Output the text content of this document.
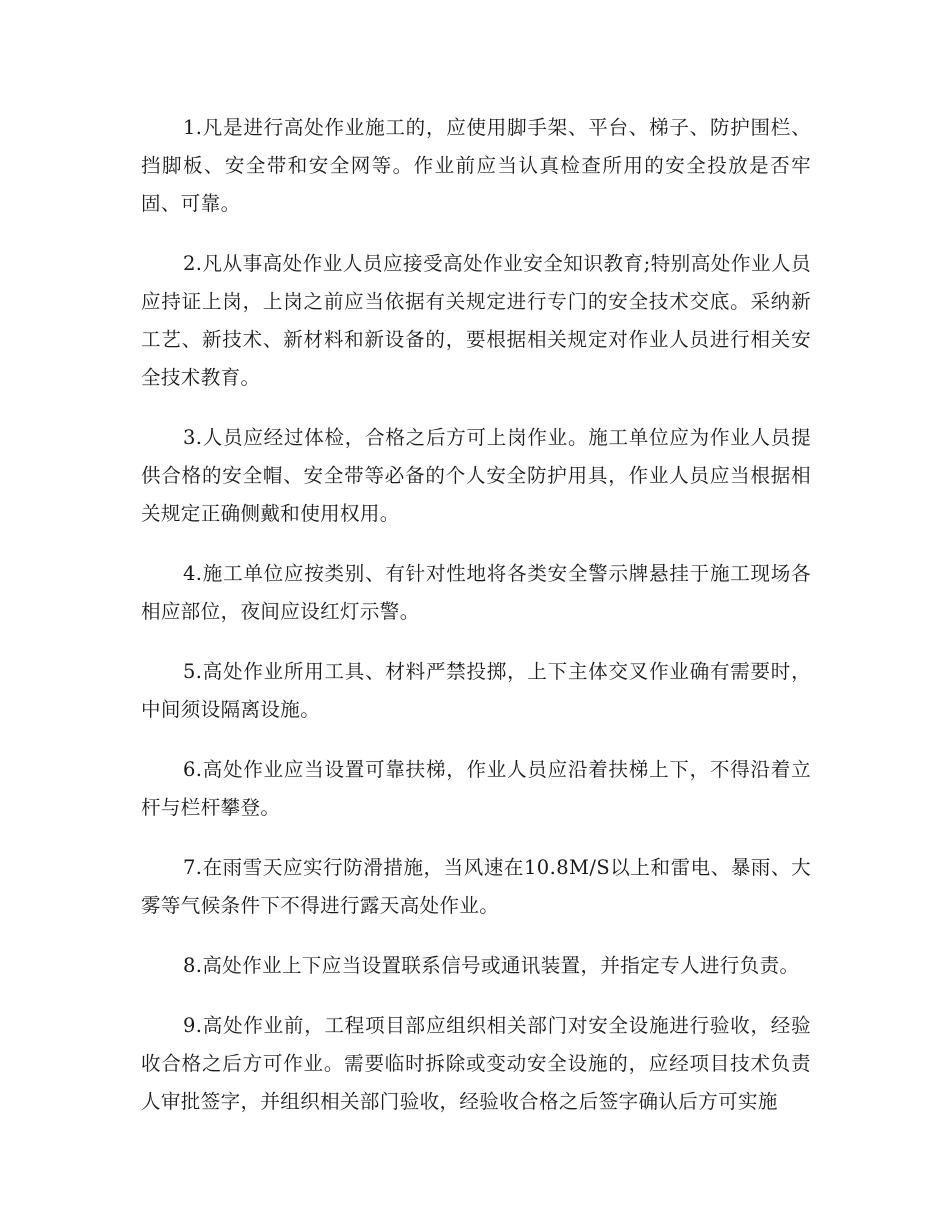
1.凡是进行高处作业施工的，应使用脚手架、平台、梯子、防护围栏、挡脚板、安全带和安全网等。作业前应当认真检查所用的安全投放是否牢固、可靠。

2.凡从事高处作业人员应接受高处作业安全知识教育;特别高处作业人员应持证上岗，上岗之前应当依据有关规定进行专门的安全技术交底。采纳新工艺、新技术、新材料和新设备的，要根据相关规定对作业人员进行相关安全技术教育。

3.人员应经过体检，合格之后方可上岗作业。施工单位应为作业人员提供合格的安全帽、安全带等必备的个人安全防护用具，作业人员应当根据相关规定正确侧戴和使用权用。

4.施工单位应按类别、有针对性地将各类安全警示牌悬挂于施工现场各相应部位，夜间应设红灯示警。

5.高处作业所用工具、材料严禁投掷，上下主体交叉作业确有需要时，中间须设隔离设施。

6.高处作业应当设置可靠扶梯，作业人员应沿着扶梯上下，不得沿着立杆与栏杆攀登。

7.在雨雪天应实行防滑措施，当风速在10.8M/S以上和雷电、暴雨、大雾等气候条件下不得进行露天高处作业。

8.高处作业上下应当设置联系信号或通讯装置，并指定专人进行负责。

9.高处作业前，工程项目部应组织相关部门对安全设施进行验收，经验收合格之后方可作业。需要临时拆除或变动安全设施的，应经项目技术负责人审批签字，并组织相关部门验收，经验收合格之后签字确认后方可实施
